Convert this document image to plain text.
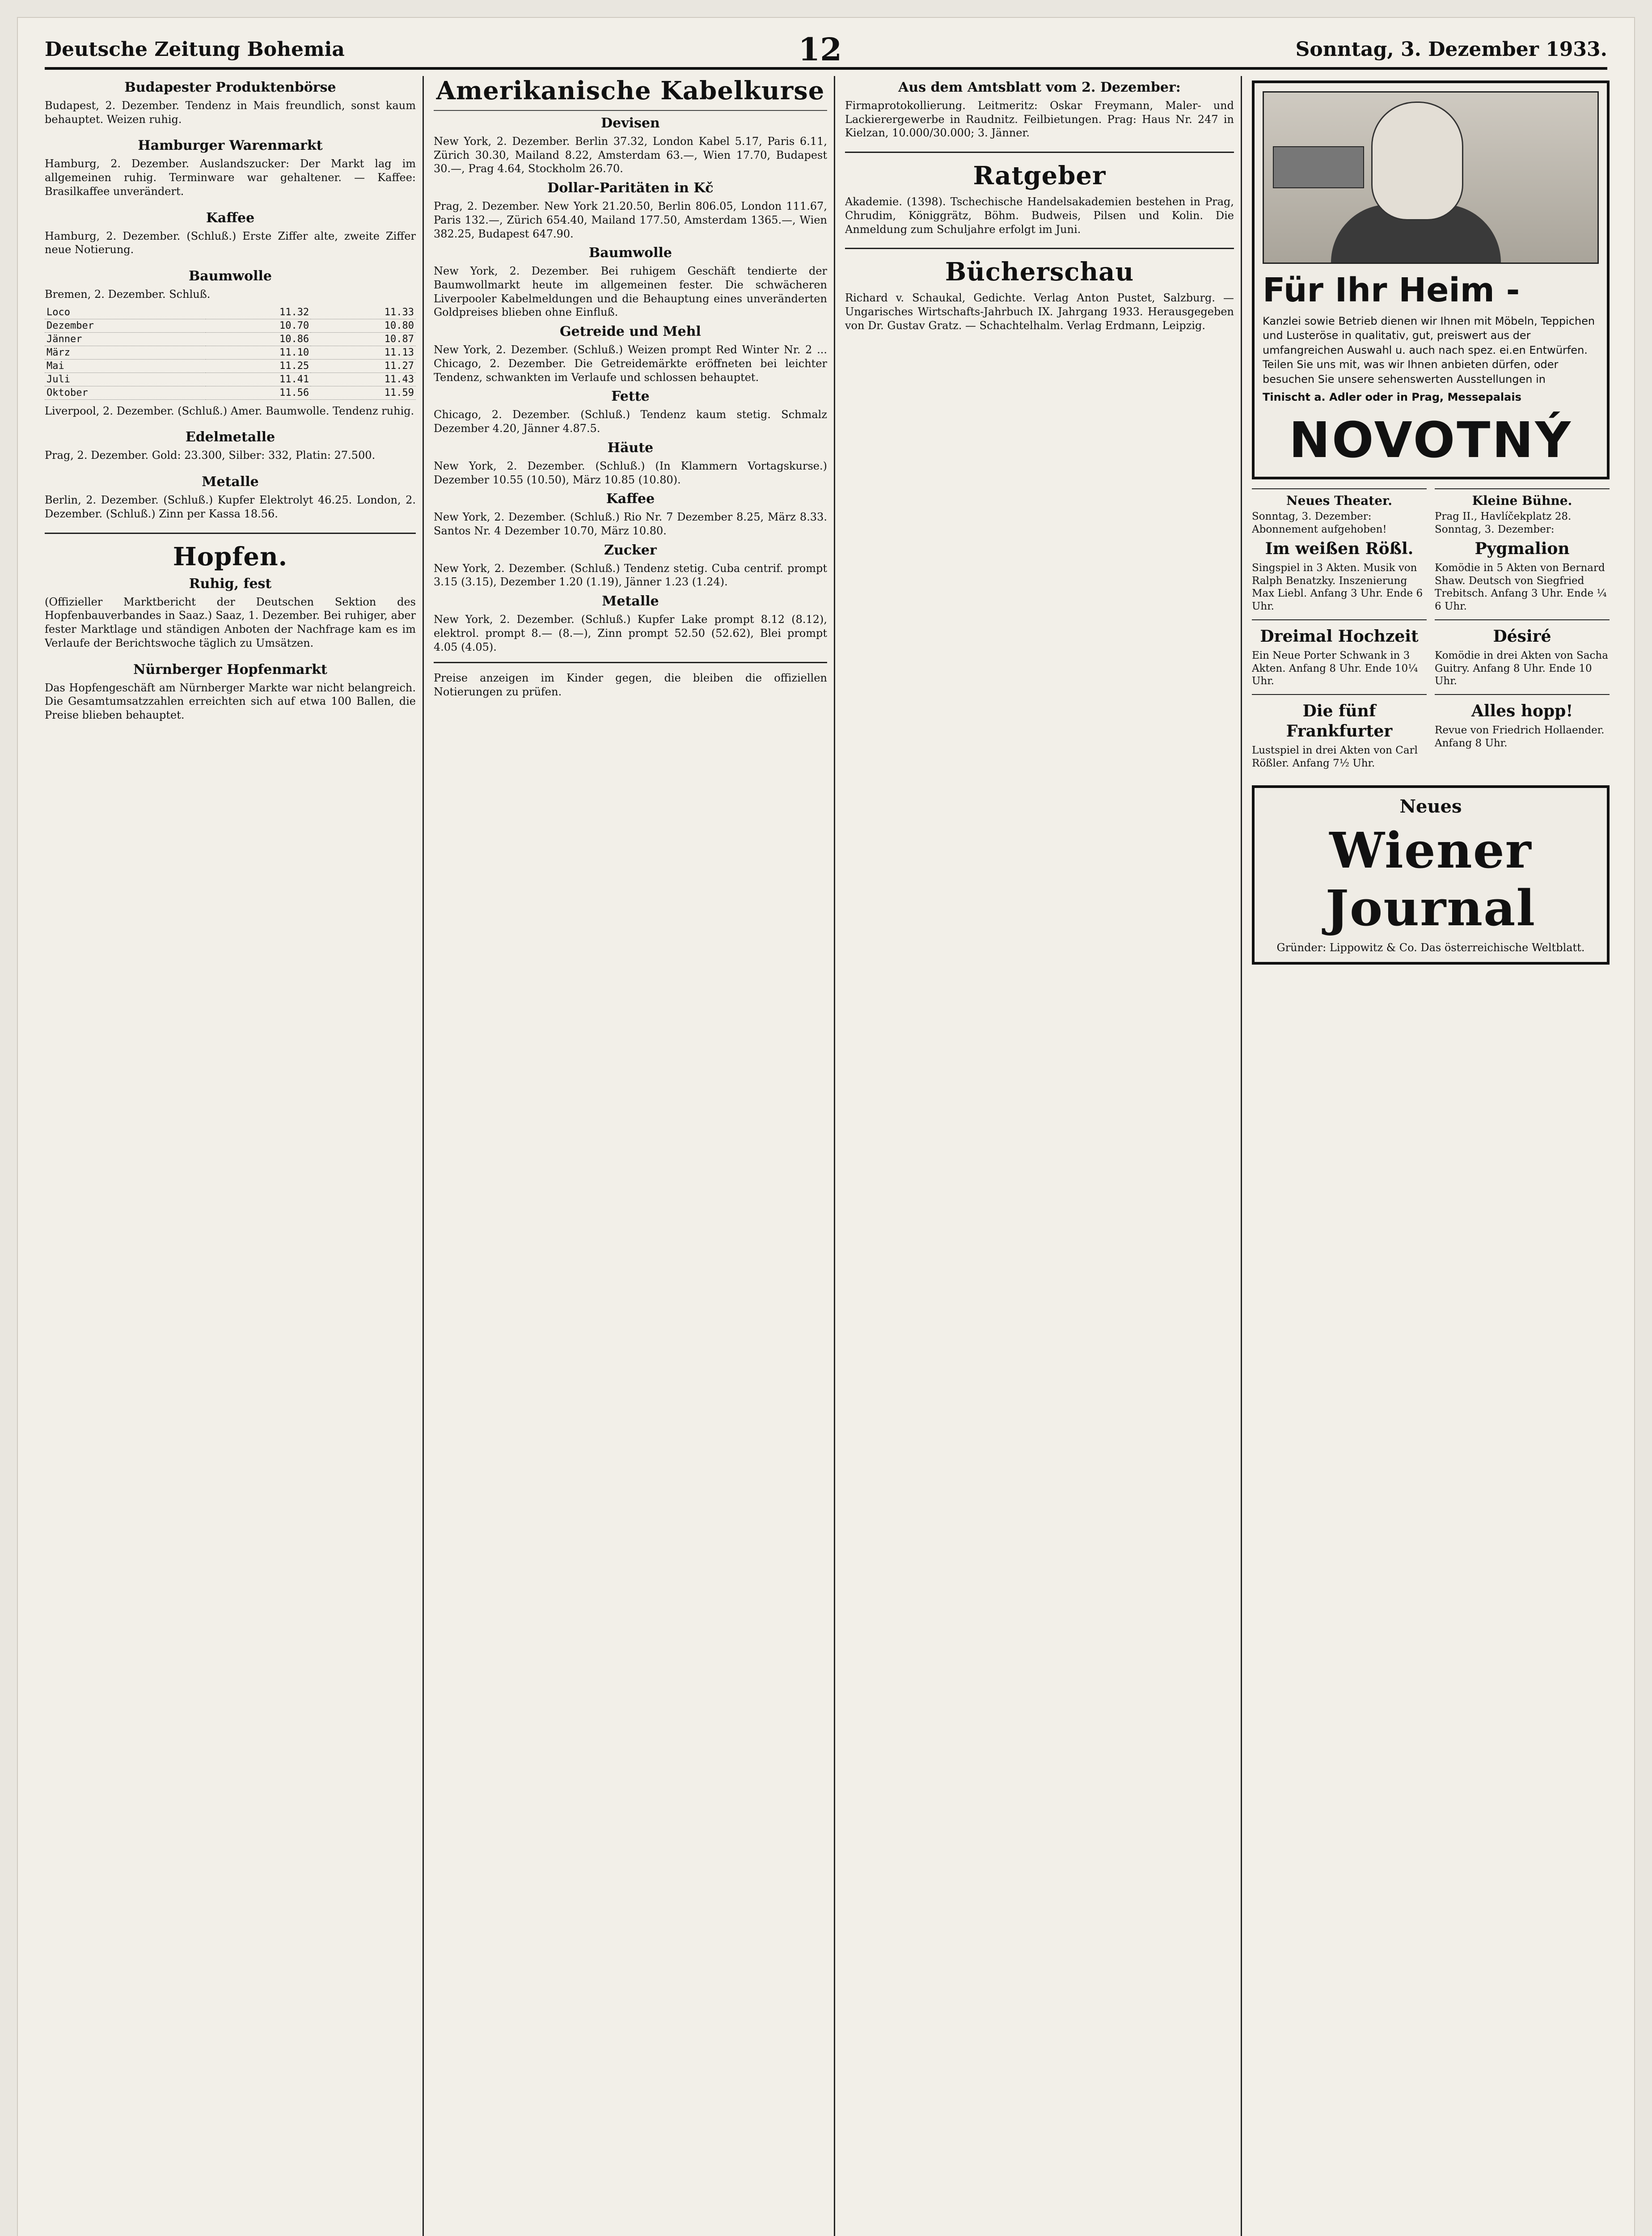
Deutsche Zeitung Bohemia	12	Sonntag, 3. Dezember 1933.
Budapester Produktenbörse

Budapest, 2. Dezember. Tendenz in Mais freundlich, sonst kaum behauptet. Weizen ruhig.

Hamburger Warenmarkt

Hamburg, 2. Dezember. Auslandszucker: Der Markt lag im allgemeinen ruhig. Terminware war gehaltener. — Kaffee: Brasilkaffee unverändert.

Kaffee

Hamburg, 2. Dezember. (Schluß.) Erste Ziffer alte, zweite Ziffer neue Notierung.

Baumwolle

Bremen, 2. Dezember. Schluß.

Loco	11.32	11.33
Dezember	10.70	10.80
Jänner	10.86	10.87
März	11.10	11.13
Mai	11.25	11.27
Juli	11.41	11.43
Oktober	11.56	11.59

Liverpool, 2. Dezember. (Schluß.) Amer. Baumwolle. Tendenz ruhig.

Edelmetalle

Prag, 2. Dezember. Gold: 23.300, Silber: 332, Platin: 27.500.

Metalle

Berlin, 2. Dezember. (Schluß.) Kupfer Elektrolyt 46.25. London, 2. Dezember. (Schluß.) Zinn per Kassa 18.56.

Hopfen.
Ruhig, fest

(Offizieller Marktbericht der Deutschen Sektion des Hopfenbauverbandes in Saaz.) Saaz, 1. Dezember. Bei ruhiger, aber fester Marktlage und ständigen Anboten der Nachfrage kam es im Verlaufe der Berichtswoche täglich zu Umsätzen.

Nürnberger Hopfenmarkt

Das Hopfengeschäft am Nürnberger Markte war nicht belangreich. Die Gesamtumsatzzahlen erreichten sich auf etwa 100 Ballen, die Preise blieben behauptet.

Amerikanische Kabelkurse
Devisen

New York, 2. Dezember. Berlin 37.32, London Kabel 5.17, Paris 6.11, Zürich 30.30, Mailand 8.22, Amsterdam 63.—, Wien 17.70, Budapest 30.—, Prag 4.64, Stockholm 26.70.

Dollar-Paritäten in Kč

Prag, 2. Dezember. New York 21.20.50, Berlin 806.05, London 111.67, Paris 132.—, Zürich 654.40, Mailand 177.50, Amsterdam 1365.—, Wien 382.25, Budapest 647.90.

Baumwolle

New York, 2. Dezember. Bei ruhigem Geschäft tendierte der Baumwollmarkt heute im allgemeinen fester. Die schwächeren Liverpooler Kabelmeldungen und die Behauptung eines unveränderten Goldpreises blieben ohne Einfluß.

Getreide und Mehl

New York, 2. Dezember. (Schluß.) Weizen prompt Red Winter Nr. 2 ... Chicago, 2. Dezember. Die Getreidemärkte eröffneten bei leichter Tendenz, schwankten im Verlaufe und schlossen behauptet.

Fette

Chicago, 2. Dezember. (Schluß.) Tendenz kaum stetig. Schmalz Dezember 4.20, Jänner 4.87.5.

Häute

New York, 2. Dezember. (Schluß.) (In Klammern Vortagskurse.) Dezember 10.55 (10.50), März 10.85 (10.80).

Kaffee

New York, 2. Dezember. (Schluß.) Rio Nr. 7 Dezember 8.25, März 8.33. Santos Nr. 4 Dezember 10.70, März 10.80.

Zucker

New York, 2. Dezember. (Schluß.) Tendenz stetig. Cuba centrif. prompt 3.15 (3.15), Dezember 1.20 (1.19), Jänner 1.23 (1.24).

Metalle

New York, 2. Dezember. (Schluß.) Kupfer Lake prompt 8.12 (8.12), elektrol. prompt 8.— (8.—), Zinn prompt 52.50 (52.62), Blei prompt 4.05 (4.05).

Preise anzeigen im Kinder gegen, die bleiben die offiziellen Notierungen zu prüfen.

Aus dem Amtsblatt vom 2. Dezember:

Firmaprotokollierung. Leitmeritz: Oskar Freymann, Maler- und Lackierergewerbe in Raudnitz. Feilbietungen. Prag: Haus Nr. 247 in Kielzan, 10.000/30.000; 3. Jänner.

Ratgeber

Akademie. (1398). Tschechische Handelsakademien bestehen in Prag, Chrudim, Königgrätz, Böhm. Budweis, Pilsen und Kolin. Die Anmeldung zum Schuljahre erfolgt im Juni.

Bücherschau

Richard v. Schaukal, Gedichte. Verlag Anton Pustet, Salzburg. — Ungarisches Wirtschafts-Jahrbuch IX. Jahrgang 1933. Herausgegeben von Dr. Gustav Gratz. — Schachtelhalm. Verlag Erdmann, Leipzig.

Für Ihr Heim -
Kanzlei sowie Betrieb dienen wir Ihnen mit Möbeln, Teppichen und Lusteröse in qualitativ, gut, preiswert aus der umfangreichen Auswahl u. auch nach spez. ei.en Entwürfen. Teilen Sie uns mit, was wir Ihnen anbieten dürfen, oder besuchen Sie unsere sehenswerten Ausstellungen in
Tinischt a. Adler oder in Prag, Messepalais
NOVOTNÝ
Neues Theater.
Sonntag, 3. Dezember: Abonnement aufgehoben!
Im weißen Rößl.
Singspiel in 3 Akten. Musik von Ralph Benatzky. Inszenierung Max Liebl. Anfang 3 Uhr. Ende 6 Uhr.
Dreimal Hochzeit
Ein Neue Porter Schwank in 3 Akten. Anfang 8 Uhr. Ende 10¼ Uhr.
Die fünf Frankfurter
Lustspiel in drei Akten von Carl Rößler. Anfang 7½ Uhr.
Kleine Bühne.
Prag II., Havlíčekplatz 28. Sonntag, 3. Dezember:
Pygmalion
Komödie in 5 Akten von Bernard Shaw. Deutsch von Siegfried Trebitsch. Anfang 3 Uhr. Ende ¼ 6 Uhr.
Désiré
Komödie in drei Akten von Sacha Guitry. Anfang 8 Uhr. Ende 10 Uhr.
Alles hopp!
Revue von Friedrich Hollaender. Anfang 8 Uhr.
Neues
Wiener Journal
Gründer: Lippowitz & Co. Das österreichische Weltblatt.
